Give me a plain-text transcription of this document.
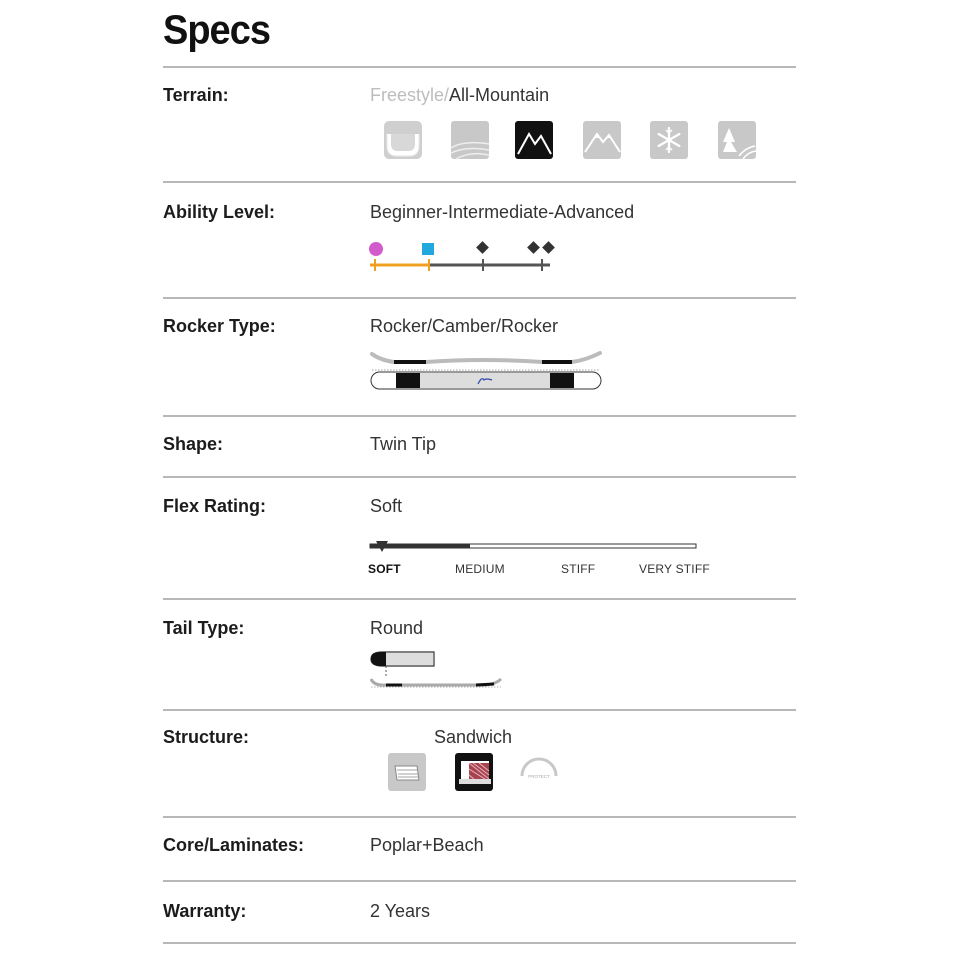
Specs
Terrain:	Freestyle/All-Mountain
Ability Level:	Beginner-Intermediate-Advanced
Rocker Type:	Rocker/Camber/Rocker
Shape:	Twin Tip
Flex Rating:	Soft
SOFT	MEDIUM	STIFF	VERY STIFF
Tail Type:	Round
Structure:	Sandwich
PROTECT
Core/Laminates:	Poplar+Beach
Warranty:	2 Years
